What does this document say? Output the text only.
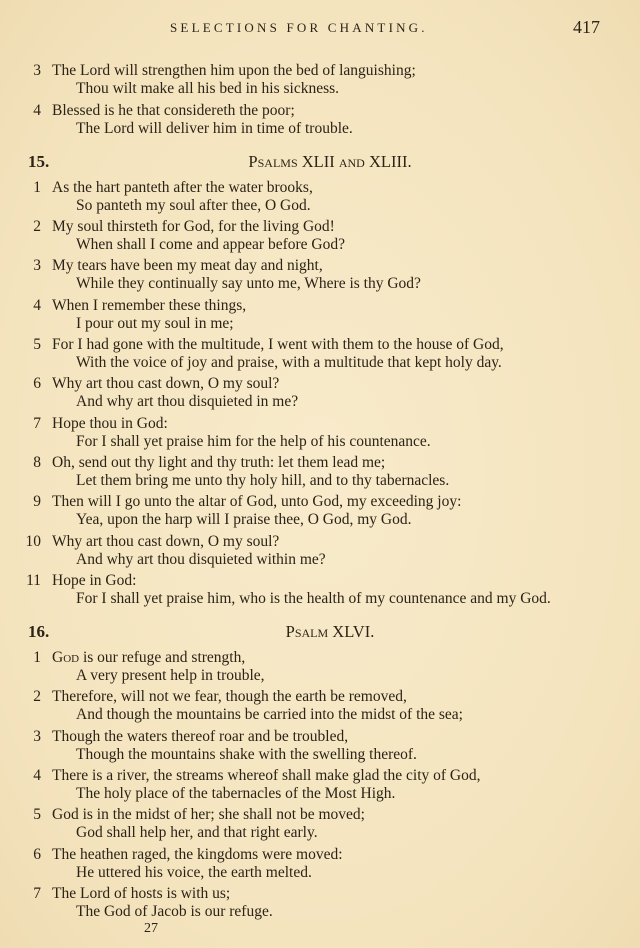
SELECTIONS FOR CHANTING.	417
3 The Lord will strengthen him upon the bed of languishing;
Thou wilt make all his bed in his sickness.
4 Blessed is he that considereth the poor;
The Lord will deliver him in time of trouble.
15.	Psalms XLII and XLIII.
1 As the hart panteth after the water brooks,
So panteth my soul after thee, O God.
2 My soul thirsteth for God, for the living God!
When shall I come and appear before God?
3 My tears have been my meat day and night,
While they continually say unto me, Where is thy God?
4 When I remember these things,
I pour out my soul in me;
5 For I had gone with the multitude, I went with them to the house of God,
With the voice of joy and praise, with a multitude that kept holy day.
6 Why art thou cast down, O my soul?
And why art thou disquieted in me?
7 Hope thou in God:
For I shall yet praise him for the help of his countenance.
8 Oh, send out thy light and thy truth: let them lead me;
Let them bring me unto thy holy hill, and to thy tabernacles.
9 Then will I go unto the altar of God, unto God, my exceeding joy:
Yea, upon the harp will I praise thee, O God, my God.
10 Why art thou cast down, O my soul?
And why art thou disquieted within me?
11 Hope in God:
For I shall yet praise him, who is the health of my countenance and my God.
16.	Psalm XLVI.
1 God is our refuge and strength,
A very present help in trouble,
2 Therefore, will not we fear, though the earth be removed,
And though the mountains be carried into the midst of the sea;
3 Though the waters thereof roar and be troubled,
Though the mountains shake with the swelling thereof.
4 There is a river, the streams whereof shall make glad the city of God,
The holy place of the tabernacles of the Most High.
5 God is in the midst of her; she shall not be moved;
God shall help her, and that right early.
6 The heathen raged, the kingdoms were moved:
He uttered his voice, the earth melted.
7 The Lord of hosts is with us;
The God of Jacob is our refuge.
27
